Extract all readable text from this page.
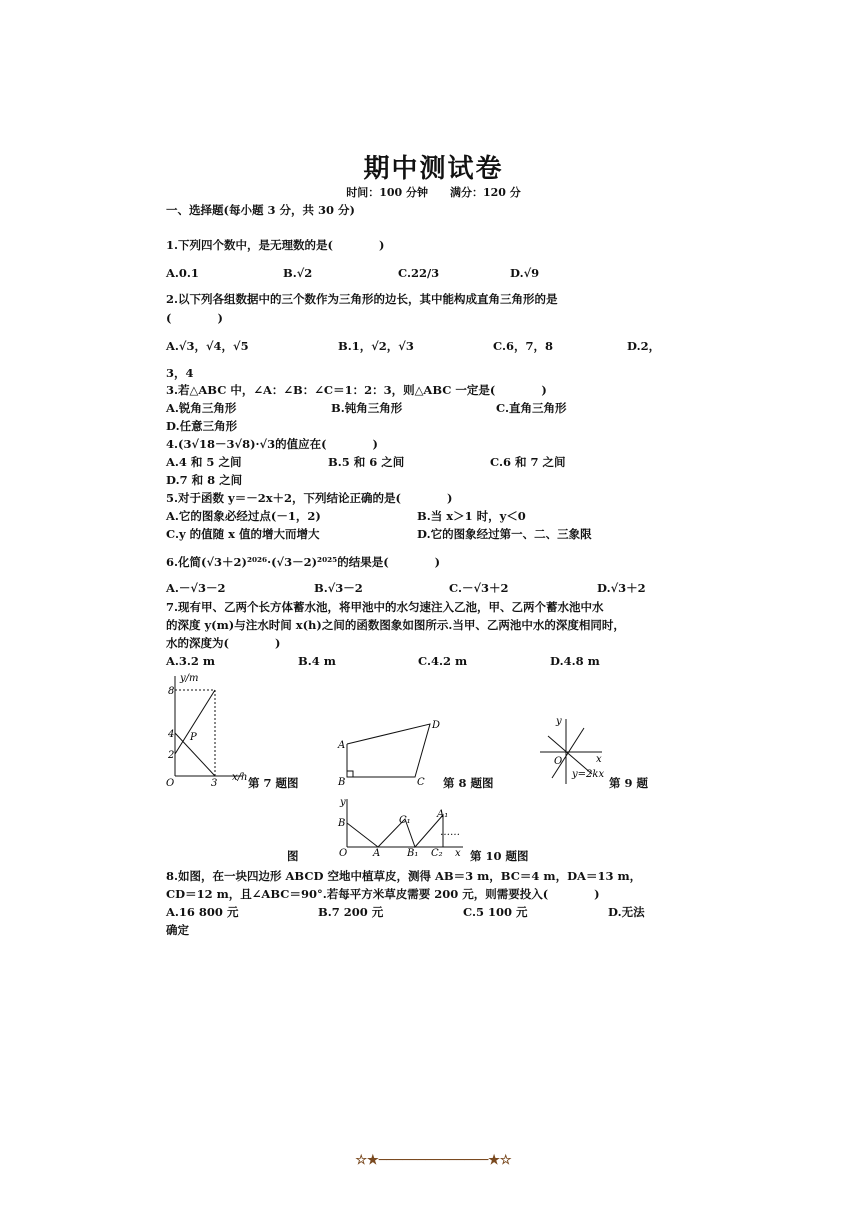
期中测试卷
时间：100 分钟　　满分：120 分
一、选择题(每小题 3 分，共 30 分)
1.下列四个数中，是无理数的是(　　　　)
A.0.1	B.√2	C.22/3	D.√9
2.以下列各组数据中的三个数作为三角形的边长，其中能构成直角三角形的是
(　　　　)
A.√3，√4，√5	B.1，√2，√3	C.6，7，8	D.2，
3，4
3.若△ABC 中，∠A：∠B：∠C＝1：2：3，则△ABC 一定是(　　　　)
A.锐角三角形	B.钝角三角形	C.直角三角形
D.任意三角形
4.(3√18－3√8)·√3的值应在(　　　　)
A.4 和 5 之间	B.5 和 6 之间	C.6 和 7 之间
D.7 和 8 之间
5.对于函数 y＝－2x＋2，下列结论正确的是(　　　　)
A.它的图象必经过点(－1，2)	B.当 x＞1 时，y＜0
C.y 的值随 x 值的增大而增大	D.它的图象经过第一、二、三象限
6.化简(√3＋2)²⁰²⁶·(√3－2)²⁰²⁵的结果是(　　　　)
A.－√3－2	B.√3－2	C.－√3＋2	D.√3＋2
7.现有甲、乙两个长方体蓄水池，将甲池中的水匀速注入乙池，甲、乙两个蓄水池中水
的深度 y(m)与注水时间 x(h)之间的函数图象如图所示.当甲、乙两池中水的深度相同时，
水的深度为(　　　　)
A.3.2 m	B.4 m	C.4.2 m	D.4.8 m
y/m
x/h
O
8
4
2
3
P
第 7 题图
A
D
B	C 第 8 题图
y
x
O
y=2kx
第 9 题
y
B
O	A
C₁
B₁ C₂
A₁
……
x
图	第 10 题图
8.如图，在一块四边形 ABCD 空地中植草皮，测得 AB＝3 m，BC＝4 m，DA＝13 m，
CD＝12 m，且∠ABC＝90°.若每平方米草皮需要 200 元，则需要投入(　　　　)
A.16 800 元	B.7 200 元	C.5 100 元	D.无法
确定
☆★──────────────★☆
